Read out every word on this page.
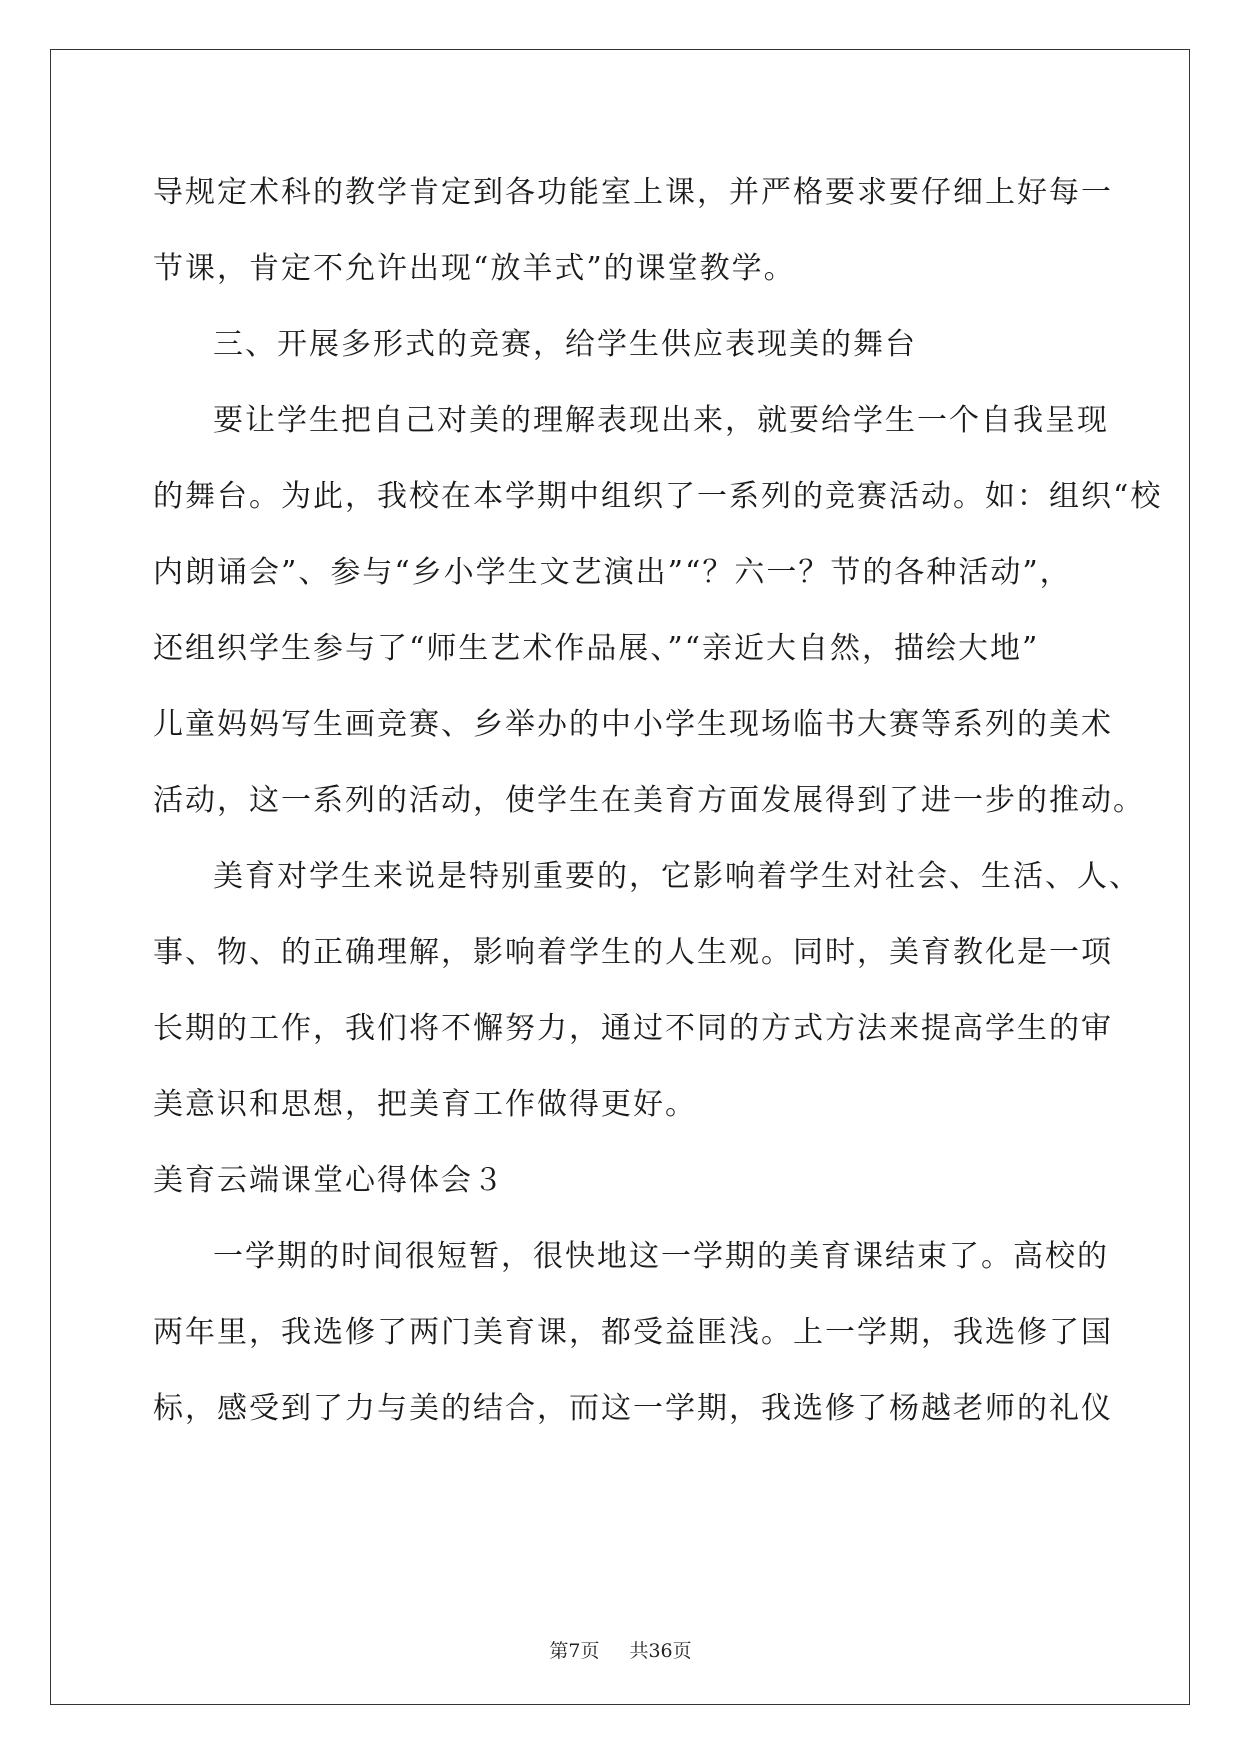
导规定术科的教学肯定到各功能室上课，并严格要求要仔细上好每一
节课，肯定不允许出现“放羊式”的课堂教学。
三、开展多形式的竞赛，给学生供应表现美的舞台
要让学生把自己对美的理解表现出来，就要给学生一个自我呈现
的舞台。为此，我校在本学期中组织了一系列的竞赛活动。如：组织“校
内朗诵会”、参与“乡小学生文艺演出”“？六一？节的各种活动”，
还组织学生参与了“师生艺术作品展、”“亲近大自然，描绘大地”
儿童妈妈写生画竞赛、乡举办的中小学生现场临书大赛等系列的美术
活动，这一系列的活动，使学生在美育方面发展得到了进一步的推动。
美育对学生来说是特别重要的，它影响着学生对社会、生活、人、
事、物、的正确理解，影响着学生的人生观。同时，美育教化是一项
长期的工作，我们将不懈努力，通过不同的方式方法来提高学生的审
美意识和思想，把美育工作做得更好。
美育云端课堂心得体会３
一学期的时间很短暂，很快地这一学期的美育课结束了。高校的
两年里，我选修了两门美育课，都受益匪浅。上一学期，我选修了国
标，感受到了力与美的结合，而这一学期，我选修了杨越老师的礼仪
第7页 共36页
